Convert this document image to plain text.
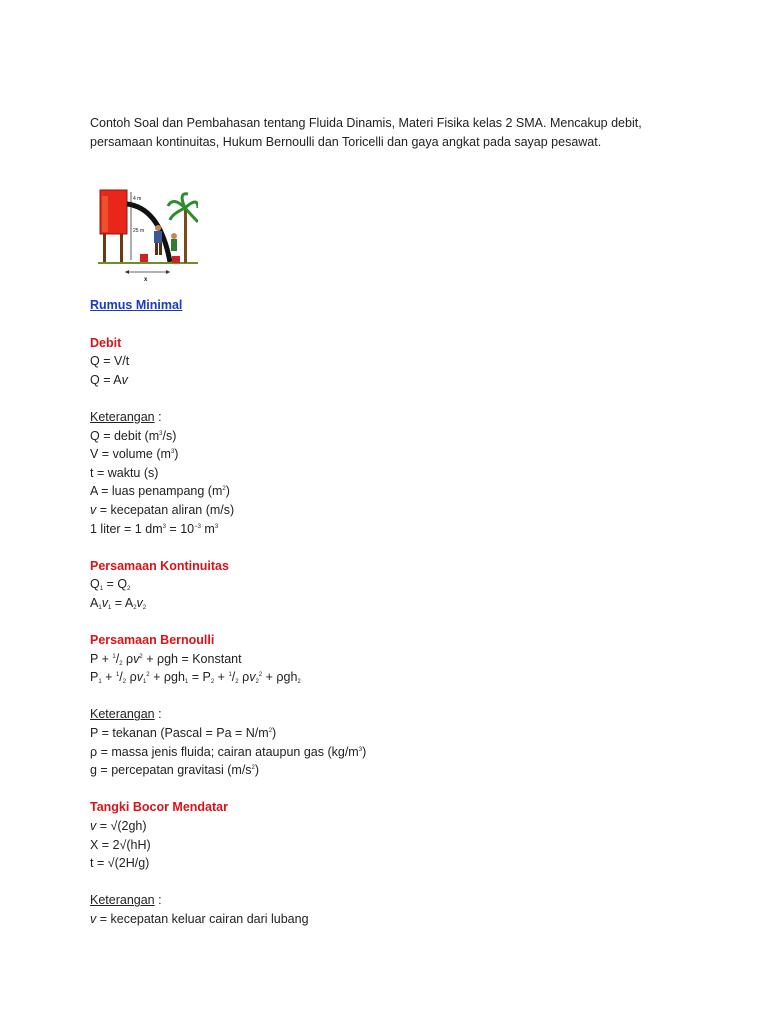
Contoh Soal dan Pembahasan tentang Fluida Dinamis, Materi Fisika kelas 2 SMA. Mencakup debit, persamaan kontinuitas, Hukum Bernoulli dan Toricelli dan gaya angkat pada sayap pesawat.

4 m
25 m
x
Rumus Minimal
Debit
Q = V/t
Q = Av
Keterangan :
Q = debit $(m^3/s)$
V = volume $(m^3)$
t = waktu (s)
A = luas penampang $(m^2)$
v = kecepatan aliran (m/s)
1 liter = 1 $dm^3 = 10^{-3}$ $m^3$
Persamaan Kontinuitas
$Q_1 = Q_2$
$A_1v_1 = A_2v_2$
Persamaan Bernoulli
$P + ^1/_2$ $\rho v^2 + \rho gh$ = Konstant
$P_1 + ^1/_2$ $\rho v_1^2 + \rho gh_1 = P_2 + ^1/_2$ $\rho v_2^2 + \rho gh_2$
Keterangan :
P = tekanan (Pascal = $Pa = N/m^2$)
ρ = massa jenis fluida; cairan ataupun gas $(kg/m^3)$
g = percepatan gravitasi $(m/s^2)$
Tangki Bocor Mendatar
v = √(2gh)
X = 2√(hH)
t = √(2H/g)
Keterangan :
v = kecepatan keluar cairan dari lubang
